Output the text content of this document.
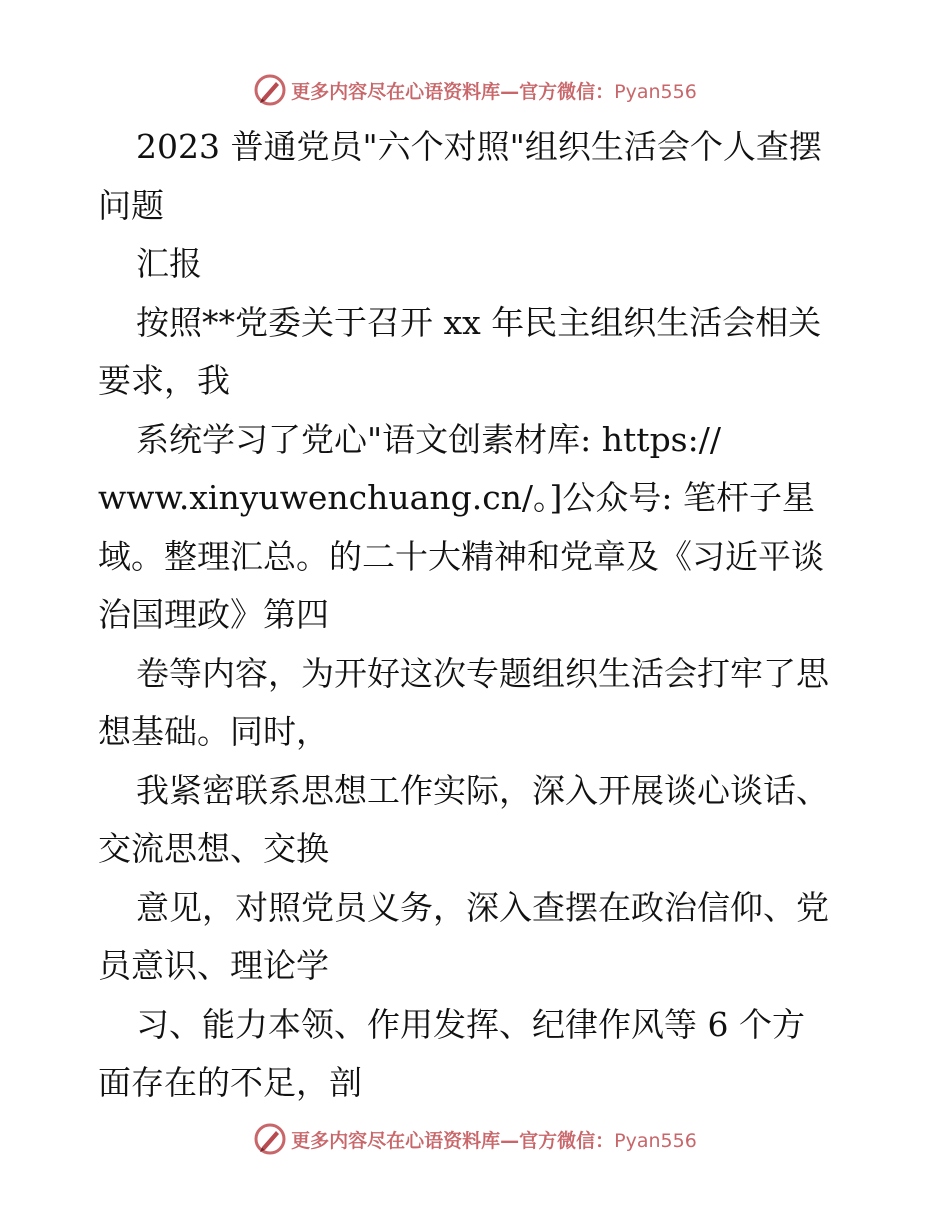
更多内容尽在心语资料库—官方微信：Pyan556
2023 普通党员"六个对照"组织生活会个人查摆
问题
汇报
按照**党委关于召开 xx 年民主组织生活会相关
要求，我
系统学习了党心"语文创素材库: https://
www.xinyuwenchuang.cn/。]公众号: 笔杆子星
域。整理汇总。的二十大精神和党章及《习近平谈
治国理政》第四
卷等内容，为开好这次专题组织生活会打牢了思
想基础。同时，
我紧密联系思想工作实际，深入开展谈心谈话、
交流思想、交换
意见，对照党员义务，深入查摆在政治信仰、党
员意识、理论学
习、能力本领、作用发挥、纪律作风等 6 个方
面存在的不足，剖
更多内容尽在心语资料库—官方微信：Pyan556
